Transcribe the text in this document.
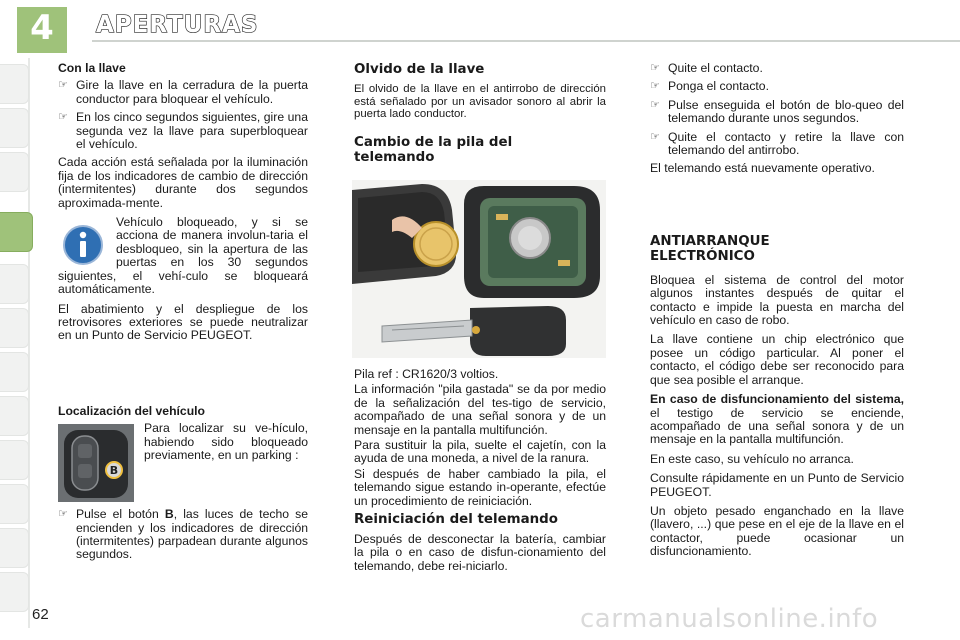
4	APERTURAS
Con la llave
☞ Gire la llave en la cerradura de la puerta conductor para bloquear el vehículo.
☞ En los cinco segundos siguientes, gire una segunda vez la llave para superbloquear el vehículo.

Cada acción está señalada por la iluminación fija de los indicadores de cambio de dirección (intermitentes) durante dos segundos aproximada-mente.

Vehículo bloqueado, y si se acciona de manera involun-taria el desbloqueo, sin la apertura de las puertas en los 30 segundos siguientes, el vehí-culo se bloqueará automáticamente.

El abatimiento y el despliegue de los retrovisores exteriores se puede neutralizar en un Punto de Servicio PEUGEOT.

Localización del vehículo
B

Para localizar su ve-hículo, habiendo sido bloqueado previamente, en un parking :

☞ Pulse el botón B, las luces de techo se encienden y los indicadores de dirección (intermitentes) parpadean durante algunos segundos.
Olvido de la llave

El olvido de la llave en el antirrobo de dirección está señalado por un avisador sonoro al abrir la puerta lado conductor.

Cambio de la pila del telemando

Pila ref : CR1620/3 voltios.

La información "pila gastada" se da por medio de la señalización del tes-tigo de servicio, acompañado de una señal sonora y de un mensaje en la pantalla multifunción.

Para sustituir la pila, suelte el cajetín, con la ayuda de una moneda, a nivel de la ranura.

Si después de haber cambiado la pila, el telemando sigue estando in-operante, efectúe un procedimiento de reiniciación.

Reiniciación del telemando

Después de desconectar la batería, cambiar la pila o en caso de disfun-cionamiento del telemando, debe rei-niciarlo.

☞ Quite el contacto.
☞ Ponga el contacto.
☞ Pulse enseguida el botón de blo-queo del telemando durante unos segundos.
☞ Quite el contacto y retire la llave con telemando del antirrobo.

El telemando está nuevamente operativo.

ANTIARRANQUE ELECTRÓNICO

Bloquea el sistema de control del motor algunos instantes después de quitar el contacto e impide la puesta en marcha del vehículo en caso de robo.

La llave contiene un chip electrónico que posee un código particular. Al poner el contacto, el código debe ser reconocido para que sea posible el arranque.

En caso de disfuncionamiento del sistema, el testigo de servicio se enciende, acompañado de una señal sonora y de un mensaje en la pantalla multifunción.

En este caso, su vehículo no arranca.

Consulte rápidamente en un Punto de Servicio PEUGEOT.

Un objeto pesado enganchado en la llave (llavero, ...) que pese en el eje de la llave en el contactor, puede ocasionar un disfuncionamiento.

62	carmanualsonline.info
